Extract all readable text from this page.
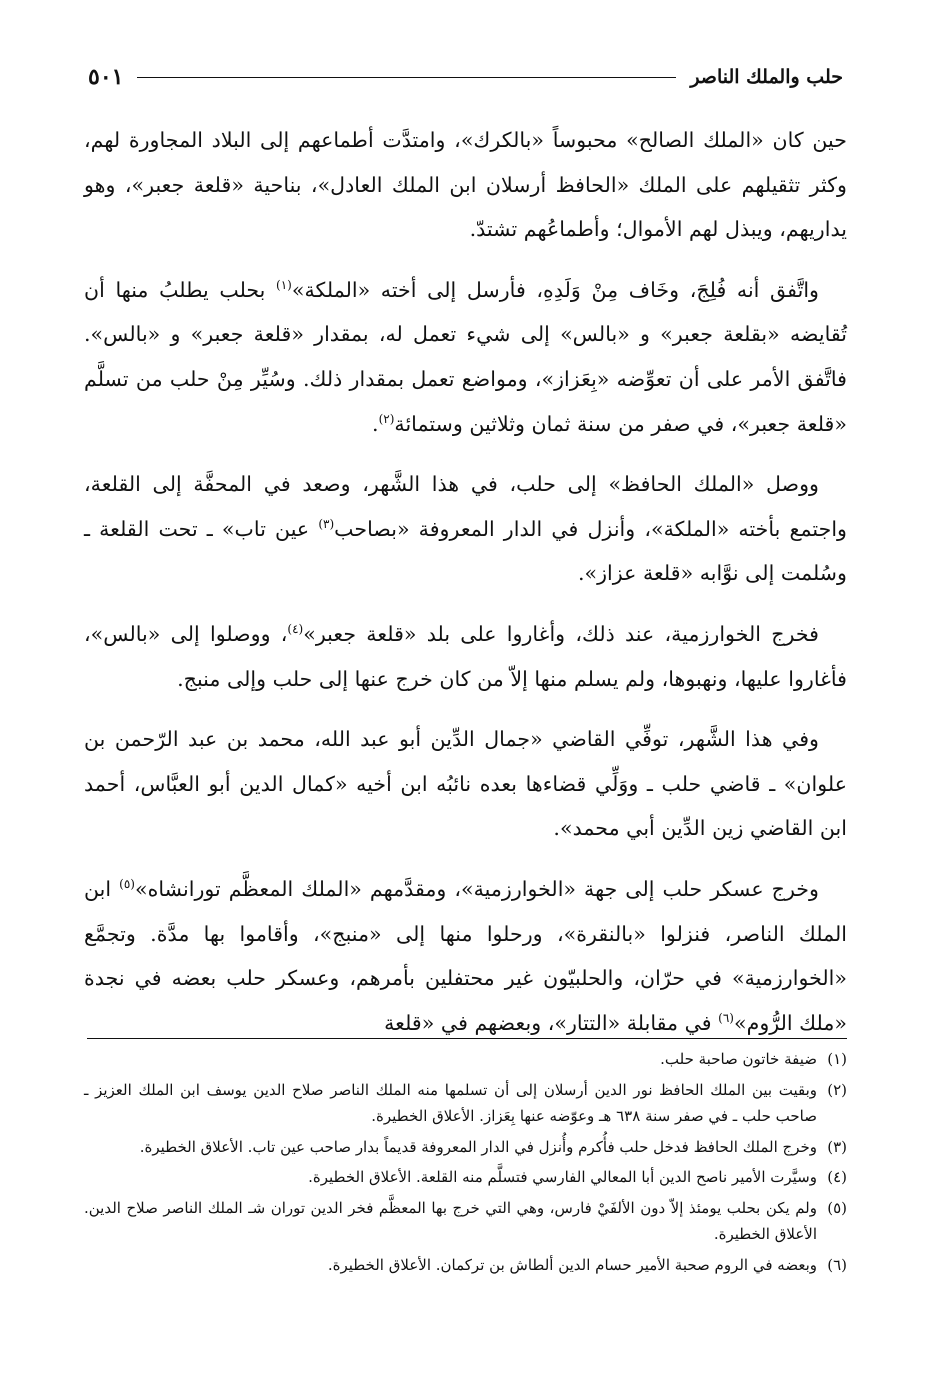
حلب والملك الناصر
٥٠١

حين كان «الملك الصالح» محبوساً «بالكرك»، وامتدَّت أطماعهم إلى البلاد المجاورة لهم، وكثر تثقيلهم على الملك «الحافظ أرسلان ابن الملك العادل»، بناحية «قلعة جعبر»، وهو يداريهم، ويبذل لهم الأموال؛ وأطماعُهم تشتدّ.

واتَّفق أنه فُلِجَ، وخَاف مِنْ وَلَدِهِ، فأرسل إلى أخته «الملكة»$^{(١)}$ بحلب يطلبُ منها أن تُقايضه «بقلعة جعبر» و «بالس» إلى شيء تعمل له، بمقدار «قلعة جعبر» و «بالس». فاتَّفق الأمر على أن تعوِّضه «بِعَزاز»، ومواضع تعمل بمقدار ذلك. وسُيِّر مِنْ حلب من تسلَّم «قلعة جعبر»، في صفر من سنة ثمان وثلاثين وستمائة$^{(٢)}$.

ووصل «الملك الحافظ» إلى حلب، في هذا الشَّهر، وصعد في المحفَّة إلى القلعة، واجتمع بأخته «الملكة»، وأنزل في الدار المعروفة «بصاحب$^{(٣)}$ عين تاب» ـ تحت القلعة ـ وسُلمت إلى نوَّابه «قلعة عزاز».

فخرج الخوارزمية، عند ذلك، وأغاروا على بلد «قلعة جعبر»$^{(٤)}$، ووصلوا إلى «بالس»، فأغاروا عليها، ونهبوها، ولم يسلم منها إلاّ من كان خرج عنها إلى حلب وإلى منبج.

وفي هذا الشَّهر، توفِّي القاضي «جمال الدِّين أبو عبد الله، محمد بن عبد الرّحمن بن علوان» ـ قاضي حلب ـ ووَلِّي قضاءها بعده نائبُه ابن أخيه «كمال الدين أبو العبَّاس، أحمد ابن القاضي زين الدِّين أبي محمد».

وخرج عسكر حلب إلى جهة «الخوارزمية»، ومقدَّمهم «الملك المعظَّم تورانشاه»$^{(٥)}$ ابن الملك الناصر، فنزلوا «بالنقرة»، ورحلوا منها إلى «منبج»، وأقاموا بها مدَّة. وتجمَّع «الخوارزمية» في حرّان، والحلبيّون غير محتفلين بأمرهم، وعسكر حلب بعضه في نجدة «ملك الرُّوم»$^{(٦)}$ في مقابلة «التتار»، وبعضهم في «قلعة

(١)
ضيفة خاتون صاحبة حلب.
(٢)
وبقيت بين الملك الحافظ نور الدين أرسلان إلى أن تسلمها منه الملك الناصر صلاح الدين يوسف ابن الملك العزيز ـ صاحب حلب ـ في صفر سنة ٦٣٨ هـ وعوّضه عنها بِعَزاز. الأعلاق الخطيرة.
(٣)
وخرج الملك الحافظ فدخل حلب فأُكرم وأُنزل في الدار المعروفة قديماً بدار صاحب عين تاب. الأعلاق الخطيرة.
(٤)
وسيَّرت الأمير ناصح الدين أبا المعالي الفارسي فتسلَّم منه القلعة. الأعلاق الخطيرة.
(٥)
ولم يكن بحلب يومئذ إلاّ دون الألفَيْ فارس، وهي التي خرج بها المعظَّم فخر الدين توران شـ الملك الناصر صلاح الدين. الأعلاق الخطيرة.
(٦)
وبعضه في الروم صحبة الأمير حسام الدين ألطاش بن تركمان. الأعلاق الخطيرة.
